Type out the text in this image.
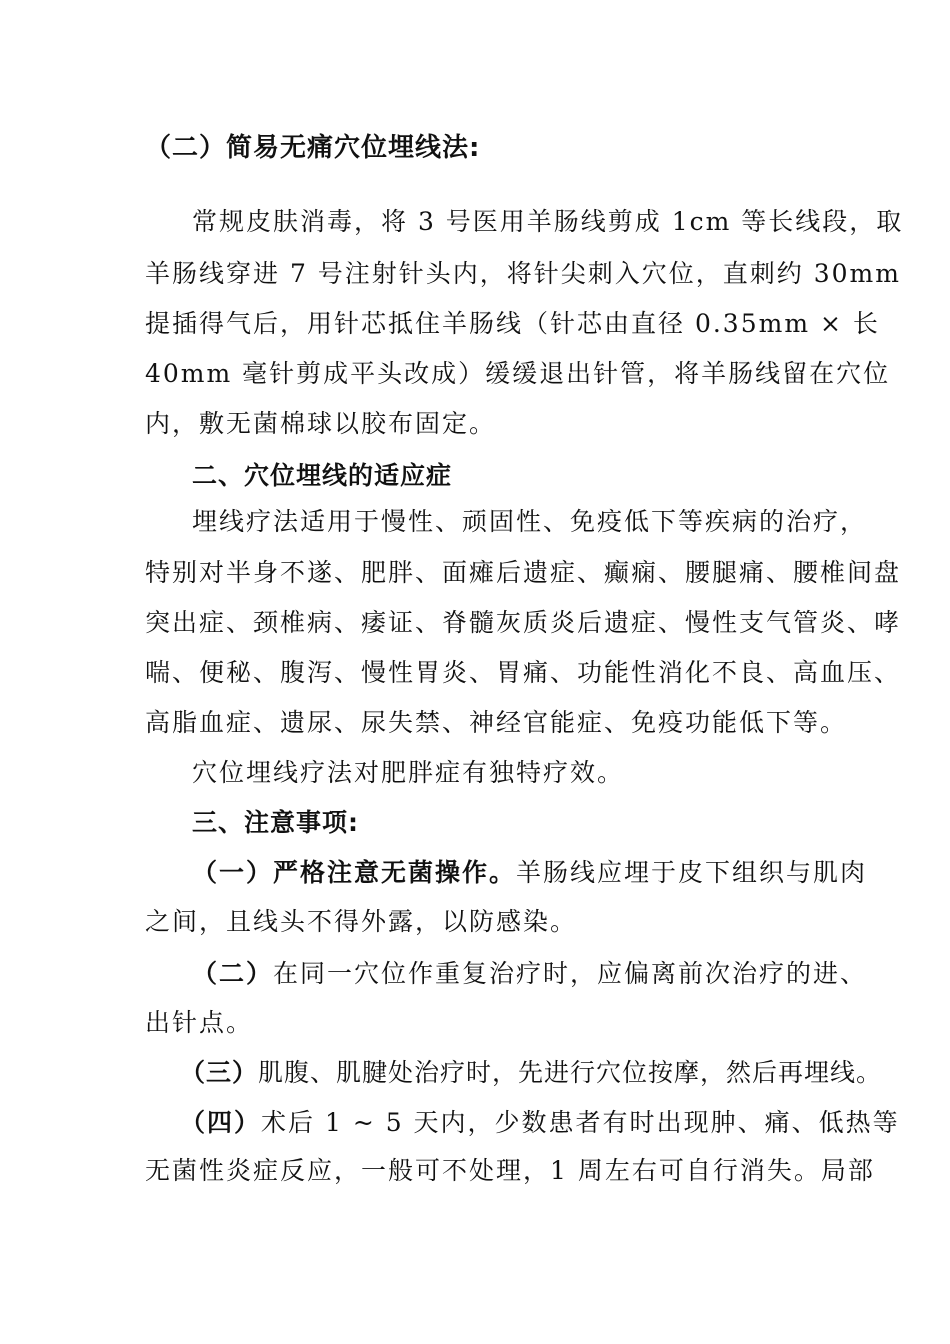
（二）简易无痛穴位埋线法:
常规皮肤消毒，将 3 号医用羊肠线剪成 1cm 等长线段，取
羊肠线穿进 7 号注射针头内，将针尖刺入穴位，直刺约 30mm
提插得气后，用针芯抵住羊肠线（针芯由直径 0.35mm × 长
40mm 毫针剪成平头改成）缓缓退出针管，将羊肠线留在穴位
内，敷无菌棉球以胶布固定。
二、穴位埋线的适应症
埋线疗法适用于慢性、顽固性、免疫低下等疾病的治疗，
特别对半身不遂、肥胖、面瘫后遗症、癫痫、腰腿痛、腰椎间盘
突出症、颈椎病、痿证、脊髓灰质炎后遗症、慢性支气管炎、哮
喘、便秘、腹泻、慢性胃炎、胃痛、功能性消化不良、高血压、
高脂血症、遗尿、尿失禁、神经官能症、免疫功能低下等。
穴位埋线疗法对肥胖症有独特疗效。
三、注意事项:
（一）严格注意无菌操作。羊肠线应埋于皮下组织与肌肉
之间，且线头不得外露，以防感染。
（二）在同一穴位作重复治疗时，应偏离前次治疗的进、
出针点。
（三）肌腹、肌腱处治疗时，先进行穴位按摩，然后再埋线。
（四）术后 1 ~ 5 天内，少数患者有时出现肿、痛、低热等
无菌性炎症反应，一般可不处理，1 周左右可自行消失。局部
